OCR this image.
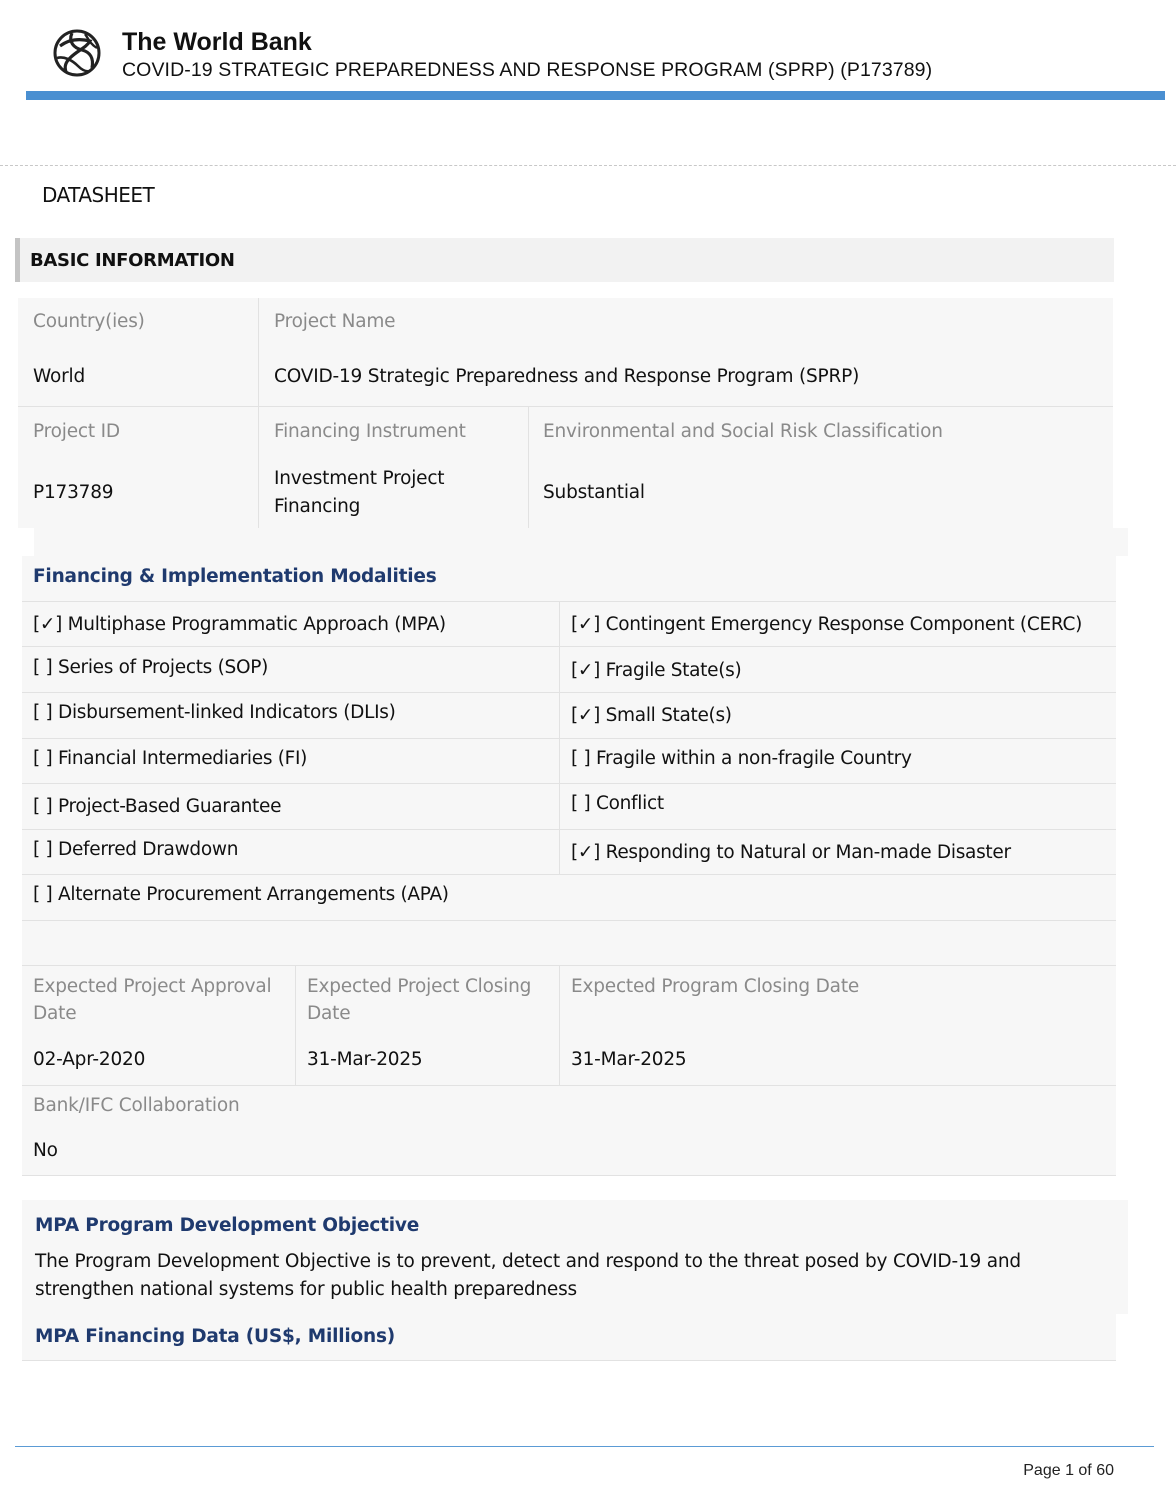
The World Bank
COVID-19 STRATEGIC PREPAREDNESS AND RESPONSE PROGRAM (SPRP) (P173789)
DATASHEET
BASIC INFORMATION
Country(ies)
World
Project Name
COVID-19 Strategic Preparedness and Response Program (SPRP)
Project ID
P173789
Financing Instrument
Investment Project
Financing
Environmental and Social Risk Classification
Substantial
Financing & Implementation Modalities
[✓] Multiphase Programmatic Approach (MPA)
[ ] Series of Projects (SOP)
[ ] Disbursement-linked Indicators (DLIs)
[ ] Financial Intermediaries (FI)
[ ] Project-Based Guarantee
[ ] Deferred Drawdown
[ ] Alternate Procurement Arrangements (APA)
[✓] Contingent Emergency Response Component (CERC)
[✓] Fragile State(s)
[✓] Small State(s)
[ ] Fragile within a non-fragile Country
[ ] Conflict
[✓] Responding to Natural or Man-made Disaster
Expected Project Approval
Date
02-Apr-2020
Expected Project Closing
Date
31-Mar-2025
Expected Program Closing Date
31-Mar-2025
Bank/IFC Collaboration
No
MPA Program Development Objective
The Program Development Objective is to prevent, detect and respond to the threat posed by COVID-19 and
strengthen national systems for public health preparedness
MPA Financing Data (US$, Millions)
Page 1 of 60
